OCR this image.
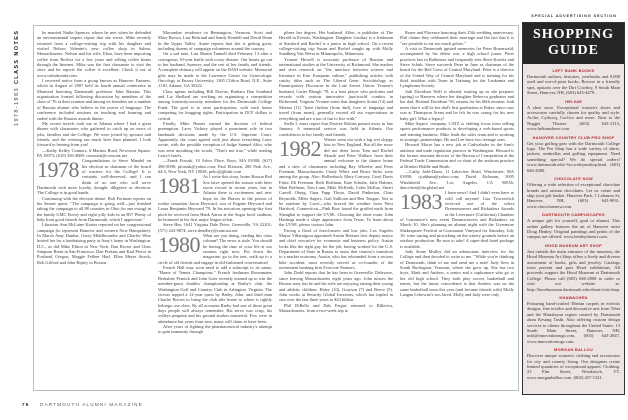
1978-1983 CLASS NOTES	he married Nadin Spencer, whom he met when he defended an environmental impact report that she wrote. Mike recently returned from a college-visiting trip with his daughter and visited Nelson Valentin's new coffee shop in Salem, Massachusetts. Nelson and his wife, Eliza, have been importing coffee from Bolivia for a few years and selling coffee beans through the Internet. Mike was the first classmate to visit the store and he reports the coffee is excellent. Check it out at www.calesdorada.com.

I received notice from a group known as Hanover Partners, which in August of 2007 held its fourth annual conference in Montreal honoring Dartmouth professor John Rassias. This organization formed following discussion by members of the class of '76 at their reunion and among its founders are a number of Rassias alumni who believe in the power of language. The conference included sessions on teaching and learning and ended with the Rassias awards dinner.

My recent travels took me to Atlanta where I had a great dinner with classmates who gathered to catch up on news of jobs, families and the College. We were joined by spouses and friends, and the evening ran much later than planned. I look forward to hearing from you!

—Kathy Kelley Connors, 6 Martins Road, Newtown Square, PA 19073; (610) 356-4889; connorsk@comcast.net

1978 Congratulations to Steve Mandel on his election as chairman of the board of trustees for the College! It is certainly well-deserved, and I can think of no one who will serve Dartmouth with more loyalty, thought, diligence or devotion. The College is in good hands.

Continuing with the election theme, Rob Portman reports on his Senate quest: "The campaign is going well—just finished taking the campaign to all 88 counties in Ohio (in one swing) in the family GMC Envoy and eight jolly kids in an RV! Plenty of help from good friends from Dartmouth, which I appreciate."

Librarian Ann McLaine Kuster reported on her congressional campaign (to represent Hanover and western New Hampshire). In March Amy Dunbar, Gerry Middlecombe and Charles Wise hosted her for a fundraising party at Amy's home in Washington, D.C., as did Mike Eliton in New York, Dan Rector and Chris Simpson Brent in San Francisco, Dan Perkins and Karl Pierce in Portland, Oregon, Maggie Fellner Hurl, Ellen Meyer Strack, Rob Gifford and John Ripley in Boston.

Macomber residence in Bennington, Vermont. Scott and Mary Brown, Lisa Bertrand and Sandy Rendell and David Dunn in the Upper Valley. Annie reports that she is getting great, including dozens of campaign volunteers around the country.

On a sad note, Lisa Martin Tunnell died February 13 after a courageous 10-year battle with ovary disease. Our hearts go out to her husband, Spencer, and the rest of her family and friends. A complete obituary will appear on the DAM website. Memorial gifts may be made to the Lawrence Center for Gynecologic Oncology at Emory University, 1365 Clifton Road, N.E., Suite 1130, Atlanta, GA 30322.

Class agents including Bill Dorcas, Barbara Dau Southard and Liz Shellard are working on organizing a competition among fraternity/sorority members for the Dartmouth College Fund. The goal is to raise participation, with each house competing for bragging rights. Participation in DCF dollars is critical.

Finally, Mike Romer earned the doctrine of federal preemption. Larry Vickery played a prominent role in two landmark decisions made by the U.S. Supreme Court. Apparently, the court agreed with just about everything Larry wrote, with the possible exception of Judge Samuel Alito, who was seen mouthing the words, "That's not true," while reading Larry's briefs.

—Frank Fossuk, 10 Arbor Place, Boys, MA 01000; (617) 286-5098; pfossuk@yahoo.com; Paul Eliotsen, 200 Park Ave., #4-5, New York, NY 10028; pelio@jjlfink.com

1981 As I write this story, home Boston Red Sox have opened the season with their worst record in recent years, but in Atlanta there is excitement and new hope for the Braves in the person of rookie sensation Jason Heyward, son of Eugene Heyward and Laura Benjamin Heyward '79. In his notorious opening-day first pitch he received from Hank Aaron at the Sugar bowl stadium, he homered in his first major league at-bat.

Steve Hey, 1641 Virginia Dale Drive, Greenville, VA 22201; (571) 243-9874; steve.dendhey@comcast.net

1980 What are you doing, reading this class column? The news is stale. You should be having the time of your life at our reunion right now. Put down the magazine, go to the tent, walk up to a circle of old friends and engage in old-fashioned conversation!

French Hall may soon need to add a subscript to its name, "Home of Tennis Champions." French freshman Roommates Berkshire Pernick and John Grier recently teamed up to win the member-guest doubles championship at Barby's club, the Washington Golf and Country Club in Arlington, Virginia. The victors topped a 12-year quest by Barby, John, and third man Charlie Brown to bring the club title home to where it rightly belongs: our class. By all accounts Barby had one of those great days people will always remember. His serve was crisp, his volleys pinpoint and his ground strokes masterful. Few were in attendance but years from now, many will claim to have been.

After years of fighting the pharmaceutical industry's attempt to gain immunity through

plines her degree. Her husband, Allen, is publisher of The Herald in Everett, Washington. Daughter Lindsay is a freshman at Stanford and Rachel is a junior in high school. On a recent college-visiting trip Susan and Rachel caught up with Molly Sundberg Van Wetra in Minneapolis, Minnesota.

Yvonne Howell is associate professor of Russian and international studies at the University of Richmond. She teaches and does research on "the interface between science and literature in East European culture," publishing articles with catchy titles such as The Liberal Gene: Sociobiology as Emancipatory Discourse in the Late Soviet Union. Yvonne's husband, Carter Blough '78, is a bass player who performs and records with various innovative jazz/world combos in Richmond, Virginia. Yvonne notes that daughters Sonia (14) and Marina (11) "have rhythm (from dad), love of language and travel (from mom), generally exceed all our expectations in everything and are a ton of fun to live with."

Stella I. must report that Desiree Robins passed away in late January. A memorial service was held in Atlanta. Our condolences to her family and friends.

1982 Winter went out with a big wet sloppy kiss in New England. But all the snow did not deter hosts Tom and Rachel Skuzik and Peter Wallace from their annual welcome to the chance home and a slew of classmates including Ray Wheeler and Peter Freeman, Massachusetts. Cindy White and Bruce Stiles were among the group. Also: Bollenbach, Mary Conway, Carol Davis Fiske, Eli Freeman, Beth Hoffman, Kate Schultz, Julie Hakner, Matt Hoffman, Tom Lane, Mike McKeith, Colin McKay, Sherri Carroll Oberg, Gina Papp Thom, David Pinkerton, Chris Reynolds, Miles Sagers, Gail Sullivan and Ben Tongue. Not to be outdone by Carol—who braved the weather from West Hartford, Connecticut—Pink Bow found the gruffed earth from Shanghai to support the UVSE. Choosing the short route, John Hastings made a slope appearance from Texas. To learn about the UVSE, please contact John.

Facing a flood of foreclosures and lost jobs, Los Angeles Mayor Villaraigosa appointed Austin Beutner first deputy mayor and chief executive for economic and business policy. Austin looks like the right guy for the job, having worked for the U.S. Department of State in Russia to assist that country's transition to a market economy. Austin, who has rebounded from a serious bike accident, most recently served as co-founder of the investment banking firm Evercore Partners.

John Dodd reports that he has been in Greenville, Delaware, since leaving Massachusetts eight years ago. John misses the Boston area, but he and his wife are enjoying raising their young and athletic children: Haley (10), Grayson (7) and Reece (5). John works at Security Global Investors, which has tripled in size over the last three years to $24 billion.

Phil DiBello and Deb Fergus returned to Billerica, Massachusetts, from a two-week trip to

Rome and Florence honoring their 25th wedding anniversary. Phil claims they celebrated their marriage and the fact that it is "see possible to eat too much gelato."

A visit to Dartmouth ignited memories for Peter Rosenwald, accompanied by his eldest son, a high school junior. Peter practices law in Baltimore and frequently sees Sheri Kravitz and Steve Schuh. Steve succeeds Peter in June as chairman of the board for the Red Cross of Central Maryland. Peter is a director of the United Way of Central Maryland and is training for his third triathlon with Team in Training for the Leukemia and Lymphoma Society.

Judi Davidson Wolf is already starting up as she prepares (spring) to Hanover where her daughter Rebecca graduates and her dad, Richard Davidson '50, returns for his 60th reunion. Judi notes that it will be her dad's first graduation at Baker, since ours was at Thompson Arena and he felt he was caring for his new baby girl. What a legacy!

Mike Sapers' company, CATZ is shifting focus from selling sports performance products to developing a web-based sports and training business. Mike leads the sales team and is working in strategic partnerships. He and Lee have two teenage sons.

Howard Morse has a new job at Cadwalader in the firm's antitrust and trade regulation practice in Washington. Howard is the former assistant director of the Bureau of Competition at the Federal Trade Commission and co-chair of the antitrust practice at Drinker Biddle and Reath.

—Cathy Judd-Dunn, 11 Lakeview Road, Winchester, MA 01890; cjuddunn@yahoo.com; David Eichman, 3005 Windsheild Ave., Los Angeles, CA 90036; dnecohen@sbcglobal.net

1983 I have news! And I didn't even have to cold call anyone! Lisa Triwoerlich received one of the select Dreamweavers and Risktakers Awards at the Livermore (California) Chamber of Commerce's new event Dreamweavers and Risktakers on March 10. She's planning an alumni night with the Livermore Shakespeare Festival at Concannon Vineyard for Saturday, July 10: wine tasting and picnicking on the winery grounds before an outdoor production. Be sure to take! A super-deal hotel package is available.

Judy Stone Mulloy did an admissions interview for the College and then decided to write to me. "While you're thinking of Dartmouth, think of me and send me a note! Judy lives in South Burlington, Vermont, where she grew up. She has two boys, Mark and Andrew, a senior and a sophomore who go to her old high school. They both play soccer, basketball and tennis, but the funny coincidence is that Andrew was on the same basketball team this year (and became friends with) Molly Langan Lebowitz's son Jared. Molly and Judy were only

SPECIAL ADVERTISING SECTION
SHOPPING
GUIDE
LEFT BANK BOOKS

Dartmouth authors, histories, yearbooks and 9,000 used and out-of-print books. Browse in a friendly spot, upstairs over the Dirt Cowboy, 9 South Main Street, Hanover, NH, (603) 643-4479.

HELIUM

A shoe store. Exceptional women's shoes and accessories carefully chosen for quality and style. Arche, Cydwoq, Coclico and more. Next to the Nugget Theater. (603) 643-1313, www.heliumshoes.com.

HANOVER COUNTRY CLUB PRO SHOP

Get your golfing gear with the Dartmouth College logo. The Pro Shop has a wide variety of shirts, jackets, umbrellas and golfing equipment. Need something special? We do special orders! www.dartmouth.edu/~hccweb/proshop.html. (603) 646-2000.

CHOCOLATE NOW

Offering a wide selection of exceptional chocolate brands and artisan chocolates. Let us create and ship your gift basket. Hanover Park, 1 Lebanon St, Hanover, NH, (603) 643-9031. www.chocolatenow.com.

DARTMOUTH CAMPUSCAPES

A unique gift for yourself, grad or alumni. This online gallery features the art of Hanover artist Doug Henley. Original paintings and prints of the campus are offered. www.henleyfineart.com.

HOOD MUSEUM ART SHOP

Just outside the main entrance of the museum, the Hood Museum Art Shop offers a lively and diverse assortment of books, gifts and jewelry. Catalogs from present and past Hood exhibitions. All proceeds support the Hood Museum at Dartmouth College. Please call (603) 646-2808 to order or visit our website at: http://hoodmuseum.dartmouth.edu/about/visit/shop.

KHAWACHEN

Featuring hand-crafted Tibetan carpets in eclectic designs, fine textiles and decorative arts from Tibet and the Himalayan region created by Dartmouth alum Kesang Tashi. Also offering custom design services to clients throughout the United States. 13 South Main Street, Hanover, NH, info@innovationrugs.com, (603) 643-2847, www.innovationrugs.com.

MORGAN BALLOU

Discover unique women's clothing and accessories for city and country living. Our designers create limited quantities of exceptional apparel. Clothing. 23 Elm Street, Woodstock, VT. www.morganballou.com. (802) 457-1321.

76 DARTMOUTH ALUMNI MAGAZINE
